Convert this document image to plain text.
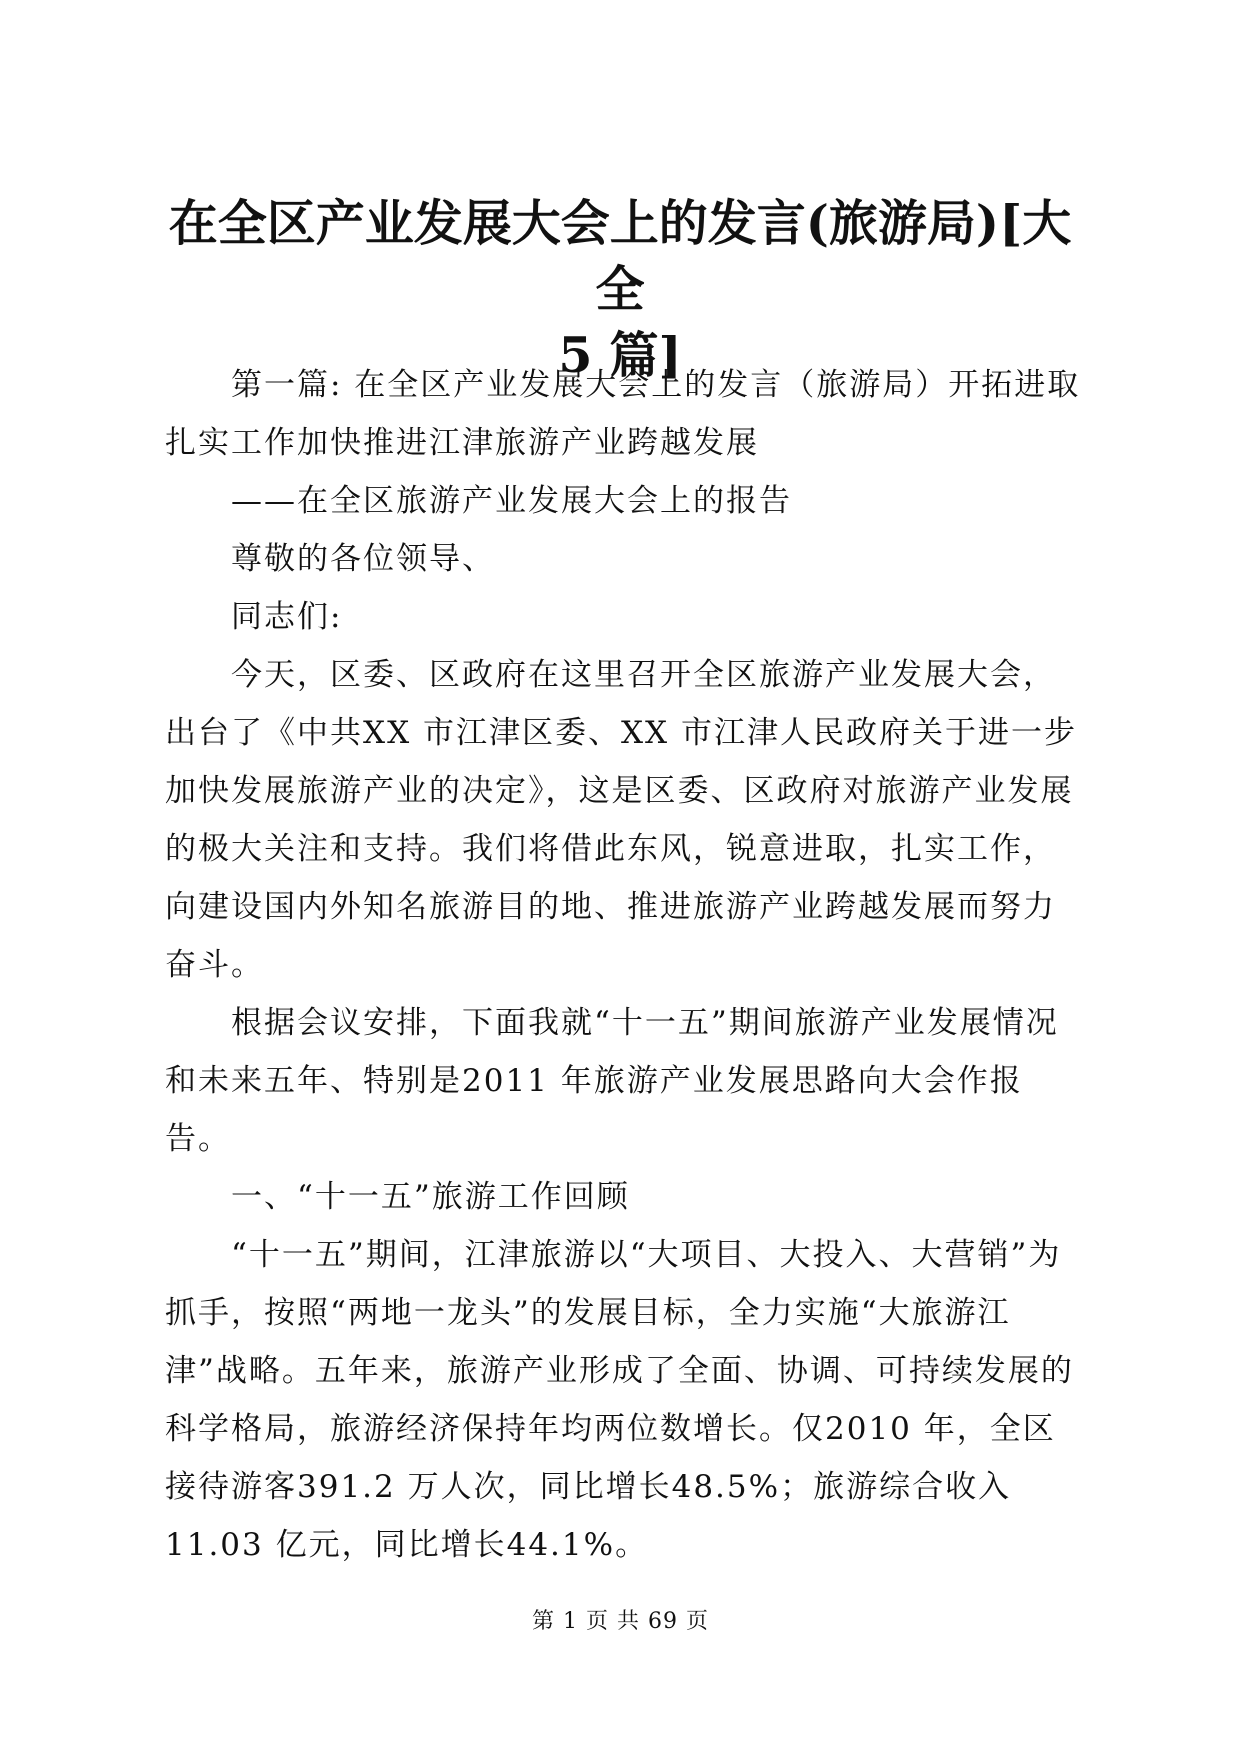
在全区产业发展大会上的发言(旅游局)[大全
5 篇]

第一篇: 在全区产业发展大会上的发言（旅游局）开拓进取扎实工作加快推进江津旅游产业跨越发展

——在全区旅游产业发展大会上的报告

尊敬的各位领导、

同志们:

今天，区委、区政府在这里召开全区旅游产业发展大会，出台了《中共XX 市江津区委、XX 市江津人民政府关于进一步加快发展旅游产业的决定》，这是区委、区政府对旅游产业发展的极大关注和支持。我们将借此东风，锐意进取，扎实工作，向建设国内外知名旅游目的地、推进旅游产业跨越发展而努力奋斗。

根据会议安排，下面我就“十一五”期间旅游产业发展情况和未来五年、特别是2011 年旅游产业发展思路向大会作报告。

一、“十一五”旅游工作回顾

“十一五”期间，江津旅游以“大项目、大投入、大营销”为抓手，按照“两地一龙头”的发展目标，全力实施“大旅游江津”战略。五年来，旅游产业形成了全面、协调、可持续发展的科学格局，旅游经济保持年均两位数增长。仅2010 年，全区接待游客391.2 万人次，同比增长48.5%；旅游综合收入11.03 亿元，同比增长44.1%。

第 1 页 共 69 页
